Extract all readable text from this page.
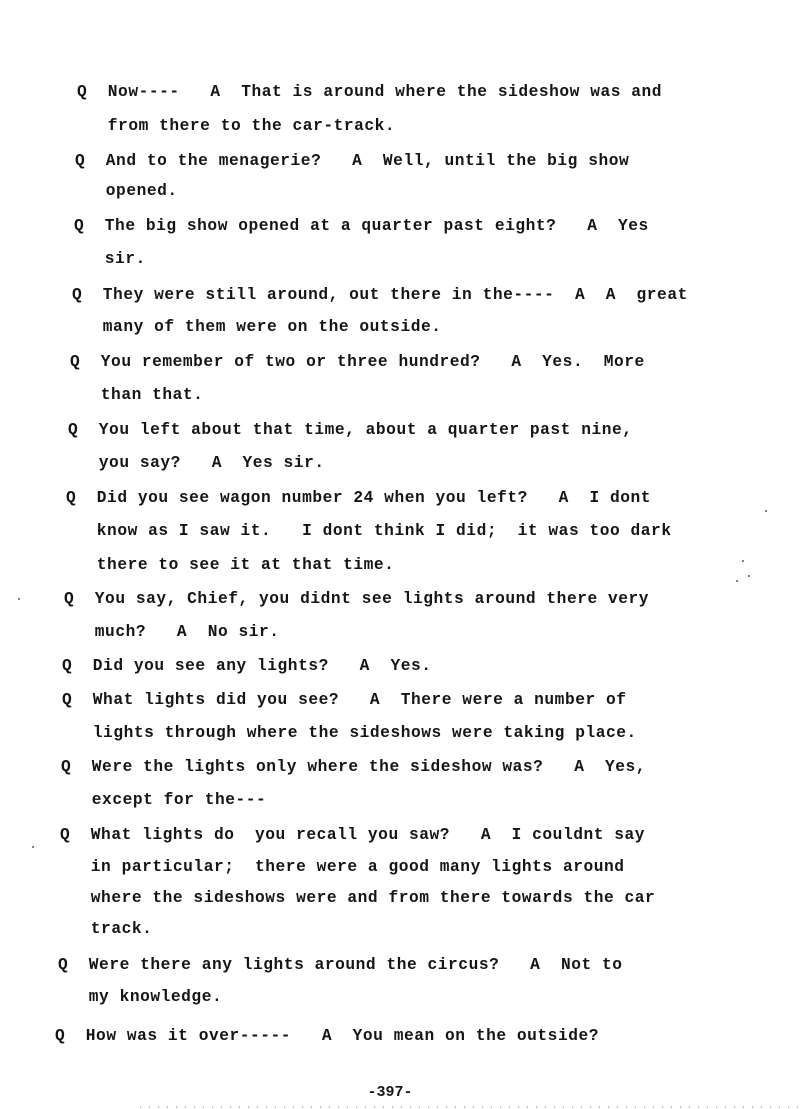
Q  Now----   A  That is around where the sideshow was and
from there to the car-track.
Q  And to the menagerie?   A  Well, until the big show
opened.
Q  The big show opened at a quarter past eight?   A  Yes
sir.
Q  They were still around, out there in the----  A  A  great
many of them were on the outside.
Q  You remember of two or three hundred?   A  Yes.  More
than that.
Q  You left about that time, about a quarter past nine,
you say?   A  Yes sir.
Q  Did you see wagon number 24 when you left?   A  I dont
know as I saw it.   I dont think I did;  it was too dark
there to see it at that time.
Q  You say, Chief, you didnt see lights around there very
much?   A  No sir.
Q  Did you see any lights?   A  Yes.
Q  What lights did you see?   A  There were a number of
lights through where the sideshows were taking place.
Q  Were the lights only where the sideshow was?   A  Yes,
except for the---
Q  What lights do  you recall you saw?   A  I couldnt say
in particular;  there were a good many lights around
where the sideshows were and from there towards the car
track.
Q  Were there any lights around the circus?   A  Not to
my knowledge.
Q  How was it over-----   A  You mean on the outside?
-397-
